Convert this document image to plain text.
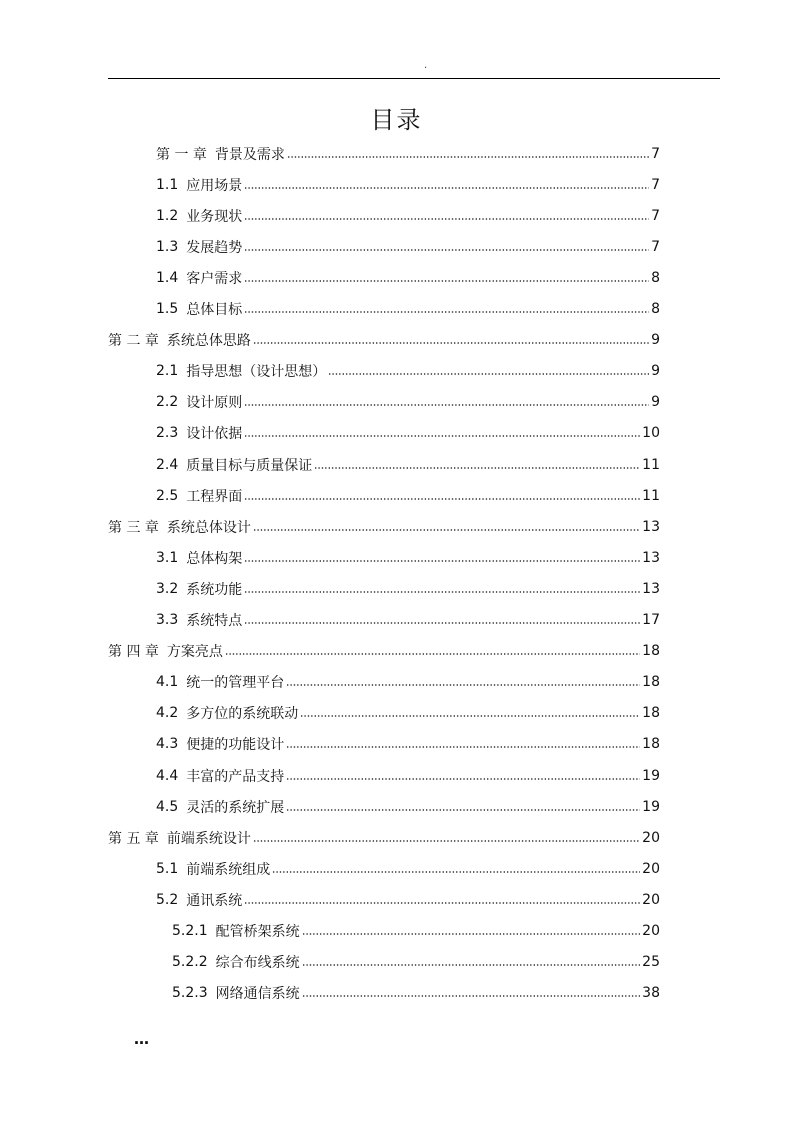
.
目录
第 一 章 背景及需求	7
1.1 应用场景	7
1.2 业务现状	7
1.3 发展趋势	7
1.4 客户需求	8
1.5 总体目标	8
第 二 章 系统总体思路	9
2.1 指导思想（设计思想）	9
2.2 设计原则	9
2.3 设计依据	10
2.4 质量目标与质量保证	11
2.5 工程界面	11
第 三 章 系统总体设计	13
3.1 总体构架	13
3.2 系统功能	13
3.3 系统特点	17
第 四 章 方案亮点	18
4.1 统一的管理平台	18
4.2 多方位的系统联动	18
4.3 便捷的功能设计	18
4.4 丰富的产品支持	19
4.5 灵活的系统扩展	19
第 五 章 前端系统设计	20
5.1 前端系统组成	20
5.2 通讯系统	20
5.2.1 配管桥架系统	20
5.2.2 综合布线系统	25
5.2.3 网络通信系统	38
…
